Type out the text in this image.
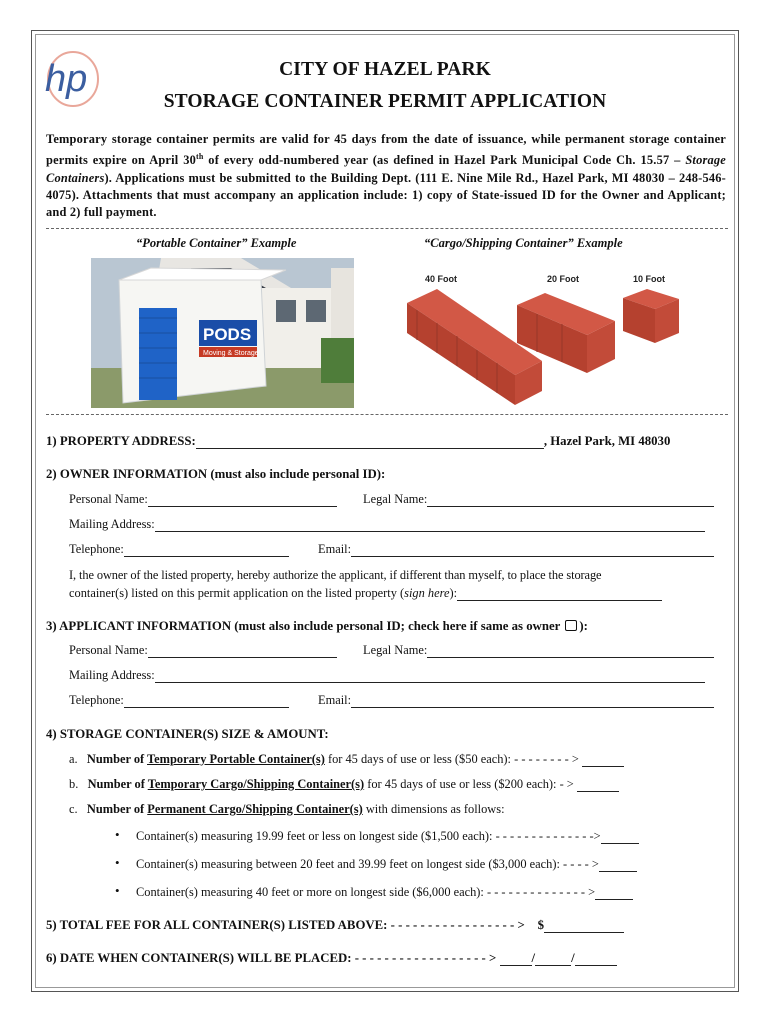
hp	CITY OF HAZEL PARK
STORAGE CONTAINER PERMIT APPLICATION
Temporary storage container permits are valid for 45 days from the date of issuance, while permanent storage container permits expire on April 30th of every odd-numbered year (as defined in Hazel Park Municipal Code Ch. 15.57 – Storage Containers). Applications must be submitted to the Building Dept. (111 E. Nine Mile Rd., Hazel Park, MI 48030 – 248-546-4075). Attachments that must accompany an application include: 1) copy of State-issued ID for the Owner and Applicant; and 2) full payment.
“Portable Container” Example	“Cargo/Shipping Container” Example
PODS
Moving & Storage
40 Foot	20 Foot	10 Foot
1) PROPERTY ADDRESS:	, Hazel Park, MI 48030
2) OWNER INFORMATION (must also include personal ID):
Personal Name:	Legal Name:
Mailing Address:
Telephone:	Email:
I, the owner of the listed property, hereby authorize the applicant, if different than myself, to place the storage
container(s) listed on this permit application on the listed property (sign here):
3) APPLICANT INFORMATION (must also include personal ID; check here if same as owner ):
Personal Name:	Legal Name:
Mailing Address:
Telephone:	Email:
4) STORAGE CONTAINER(S) SIZE & AMOUNT:
a. Number of Temporary Portable Container(s) for 45 days of use or less ($50 each): - - - - - - - - >
b. Number of Temporary Cargo/Shipping Container(s) for 45 days of use or less ($200 each): - >
c. Number of Permanent Cargo/Shipping Container(s) with dimensions as follows:
• Container(s) measuring 19.99 feet or less on longest side ($1,500 each): - - - - - - - - - - - - - ->
• Container(s) measuring between 20 feet and 39.99 feet on longest side ($3,000 each): - - - - >
• Container(s) measuring 40 feet or more on longest side ($6,000 each): - - - - - - - - - - - - - - >
5) TOTAL FEE FOR ALL CONTAINER(S) LISTED ABOVE: - - - - - - - - - - - - - - - - - > $
6) DATE WHEN CONTAINER(S) WILL BE PLACED: - - - - - - - - - - - - - - - - - - >	/	/
